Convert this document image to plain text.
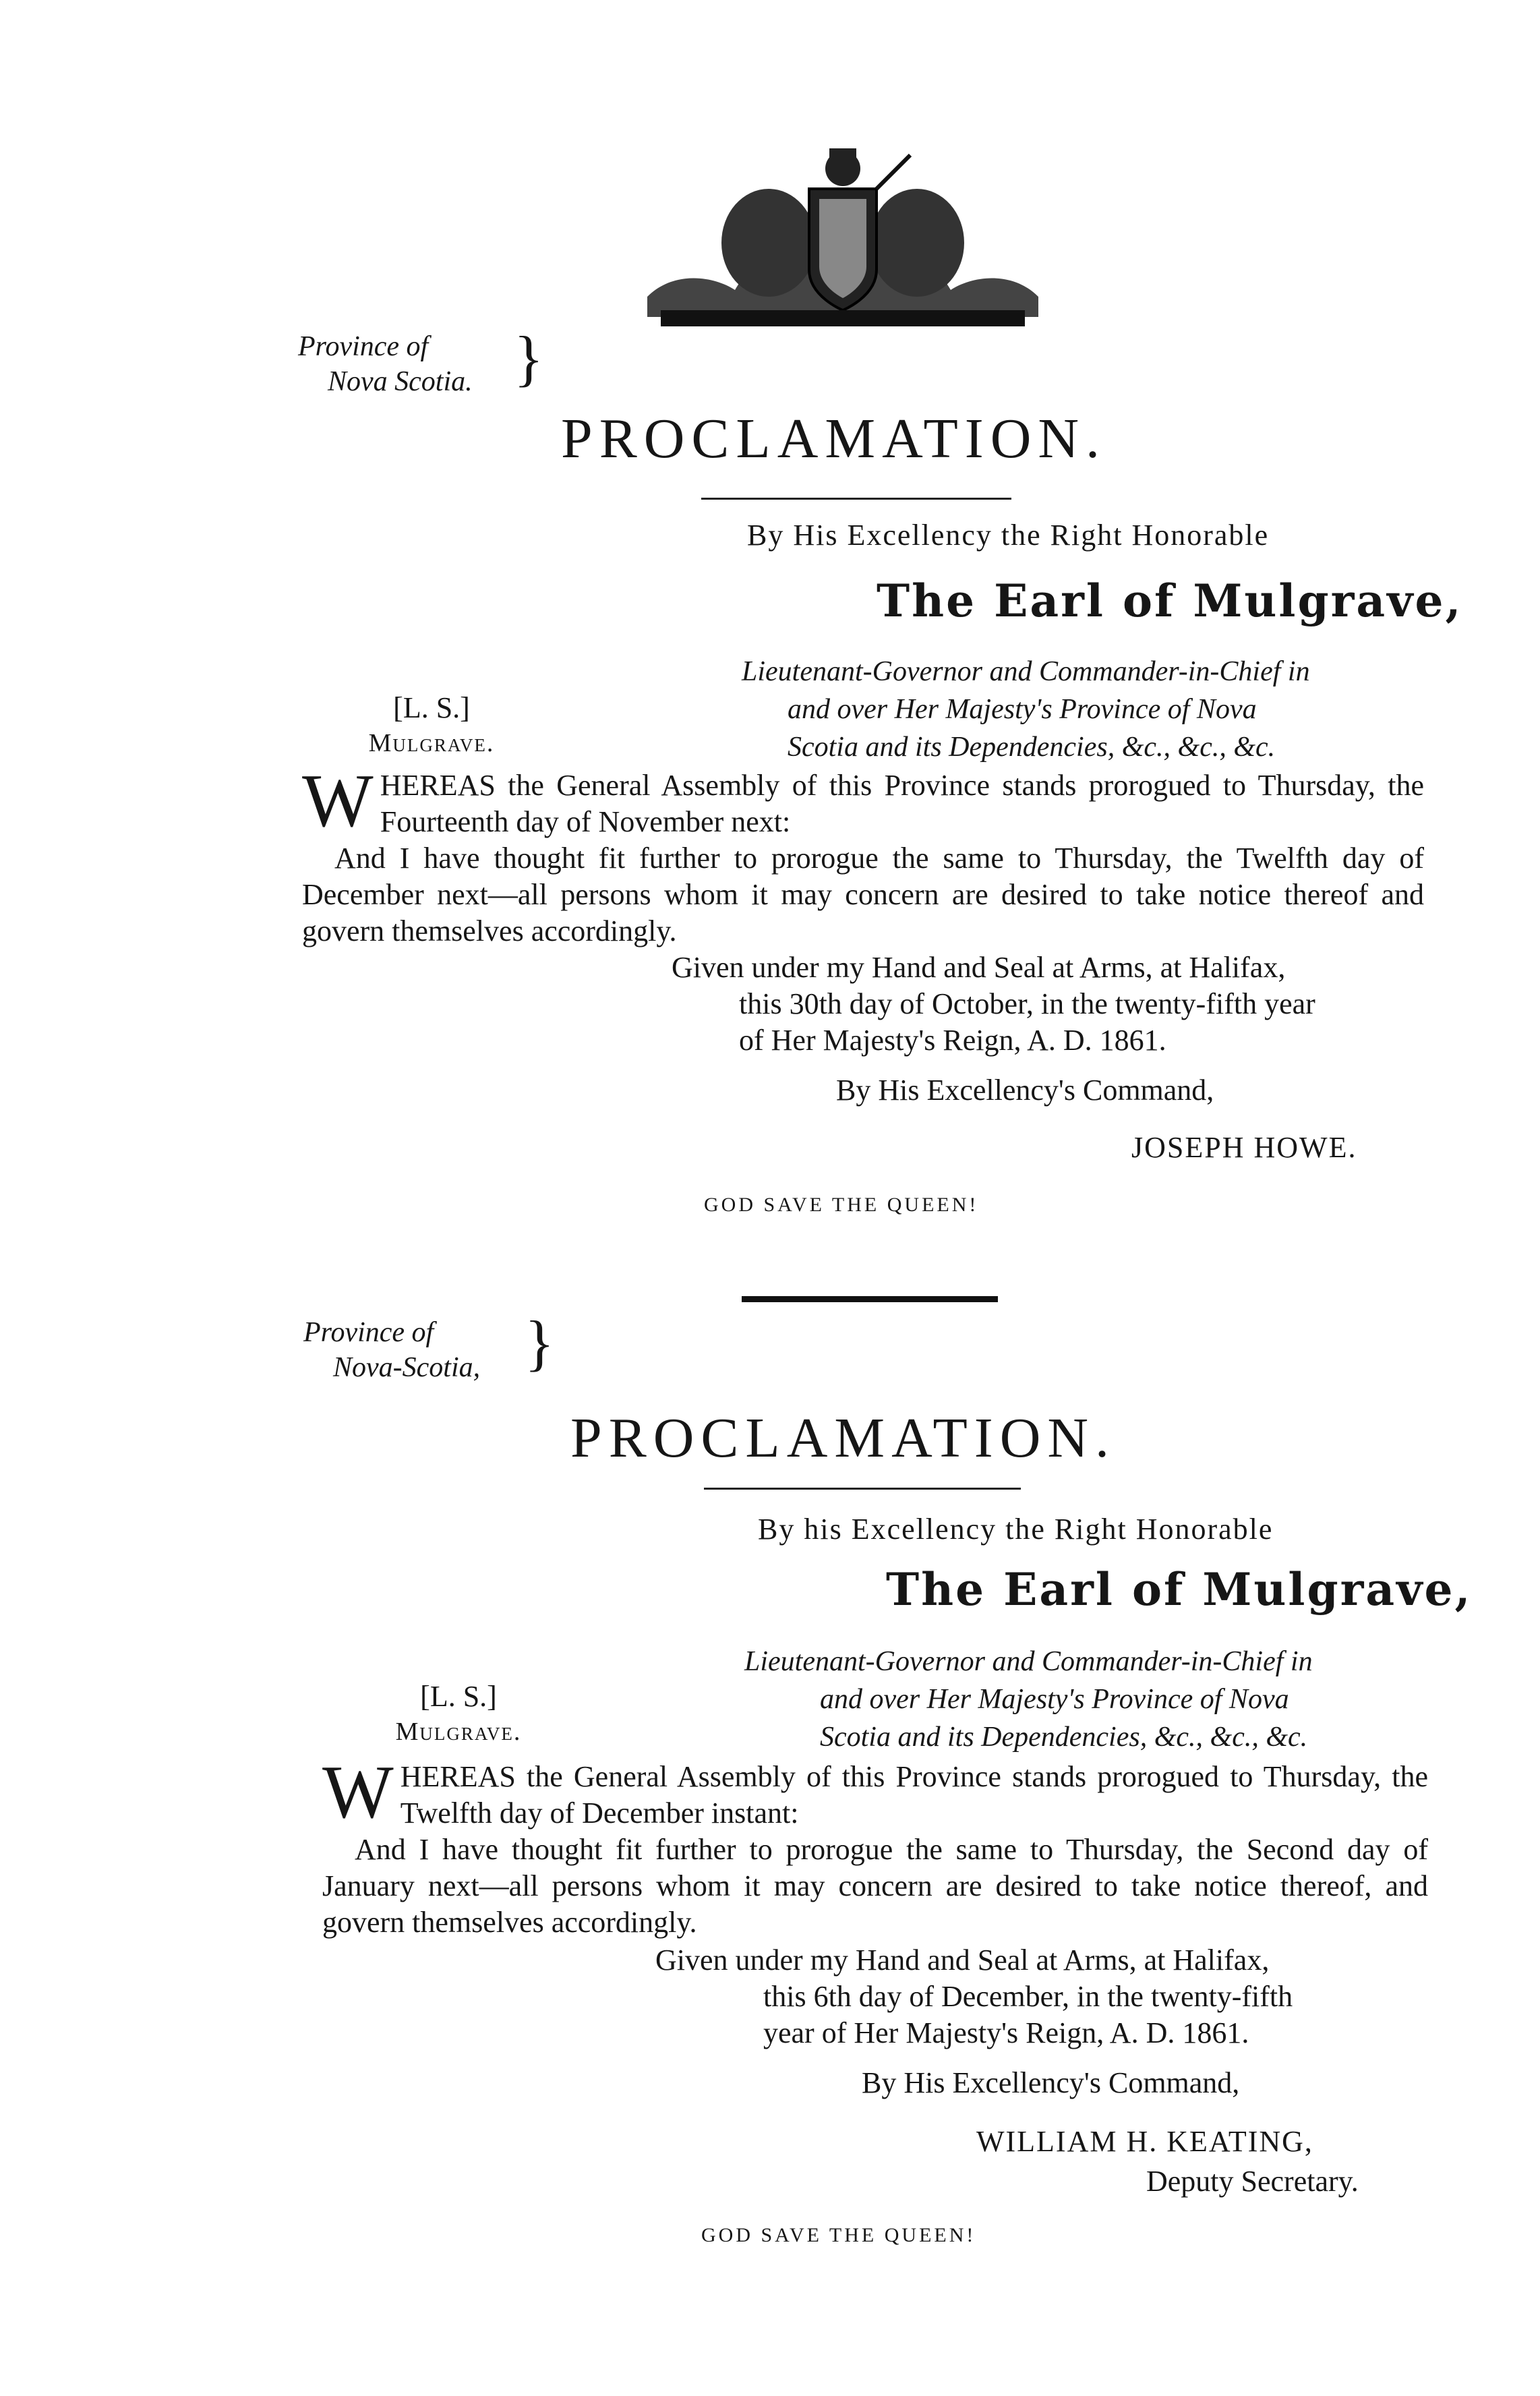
Province of
Nova Scotia. }
PROCLAMATION.
By His Excellency the Right Honorable
The Earl of Mulgrave,
Lieutenant-Governor and Commander-in-Chief in
and over Her Majesty's Province of Nova
Scotia and its Dependencies, &c., &c., &c.
[L. S.]
Mulgrave.

WHEREAS the General Assembly of this Province stands prorogued to Thursday, the Fourteenth day of November next:

And I have thought fit further to prorogue the same to Thursday, the Twelfth day of December next—all persons whom it may concern are desired to take notice thereof and govern themselves accordingly.

Given under my Hand and Seal at Arms, at Halifax,
this 30th day of October, in the twenty-fifth year
of Her Majesty's Reign, A. D. 1861.
By His Excellency's Command,
JOSEPH HOWE.
GOD SAVE THE QUEEN!
Province of
Nova-Scotia, }
PROCLAMATION.
By his Excellency the Right Honorable
The Earl of Mulgrave,
Lieutenant-Governor and Commander-in-Chief in
and over Her Majesty's Province of Nova
Scotia and its Dependencies, &c., &c., &c.
[L. S.]
Mulgrave.

WHEREAS the General Assembly of this Province stands prorogued to Thursday, the Twelfth day of December instant:

And I have thought fit further to prorogue the same to Thursday, the Second day of January next—all persons whom it may concern are desired to take notice thereof, and govern themselves accordingly.

Given under my Hand and Seal at Arms, at Halifax,
this 6th day of December, in the twenty-fifth
year of Her Majesty's Reign, A. D. 1861.
By His Excellency's Command,
WILLIAM H. KEATING,
Deputy Secretary.
GOD SAVE THE QUEEN!
